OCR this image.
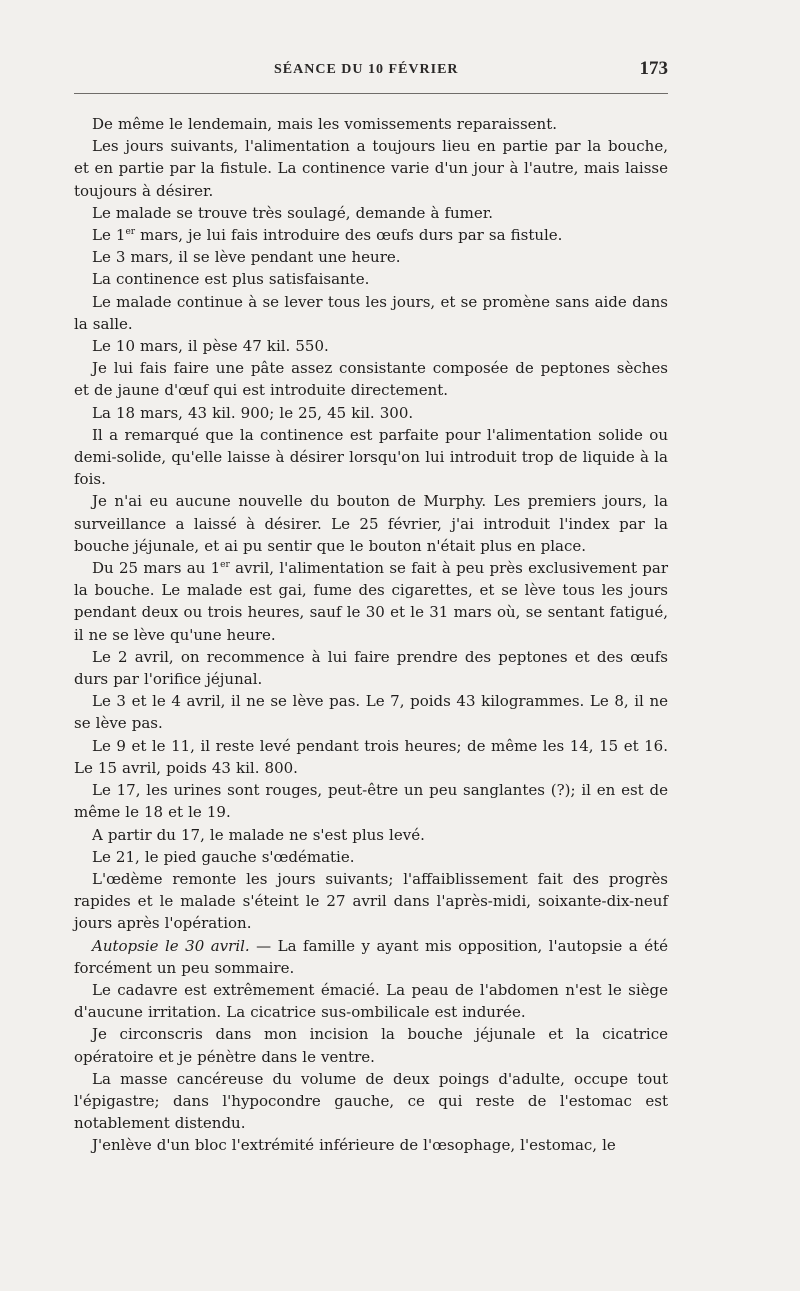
SÉANCE DU 10 FÉVRIER	173

De même le lendemain, mais les vomissements reparaissent.

Les jours suivants, l'alimentation a toujours lieu en partie par la bouche, et en partie par la fistule. La continence varie d'un jour à l'autre, mais laisse toujours à désirer.

Le malade se trouve très soulagé, demande à fumer.

Le 1er mars, je lui fais introduire des œufs durs par sa fistule.

Le 3 mars, il se lève pendant une heure.

La continence est plus satisfaisante.

Le malade continue à se lever tous les jours, et se promène sans aide dans la salle.

Le 10 mars, il pèse 47 kil. 550.

Je lui fais faire une pâte assez consistante composée de peptones sèches et de jaune d'œuf qui est introduite directement.

La 18 mars, 43 kil. 900; le 25, 45 kil. 300.

Il a remarqué que la continence est parfaite pour l'alimentation solide ou demi-solide, qu'elle laisse à désirer lorsqu'on lui introduit trop de liquide à la fois.

Je n'ai eu aucune nouvelle du bouton de Murphy. Les premiers jours, la surveillance a laissé à désirer. Le 25 février, j'ai introduit l'index par la bouche jéjunale, et ai pu sentir que le bouton n'était plus en place.

Du 25 mars au 1er avril, l'alimentation se fait à peu près exclusivement par la bouche. Le malade est gai, fume des cigarettes, et se lève tous les jours pendant deux ou trois heures, sauf le 30 et le 31 mars où, se sentant fatigué, il ne se lève qu'une heure.

Le 2 avril, on recommence à lui faire prendre des peptones et des œufs durs par l'orifice jéjunal.

Le 3 et le 4 avril, il ne se lève pas. Le 7, poids 43 kilogrammes. Le 8, il ne se lève pas.

Le 9 et le 11, il reste levé pendant trois heures; de même les 14, 15 et 16. Le 15 avril, poids 43 kil. 800.

Le 17, les urines sont rouges, peut-être un peu sanglantes (?); il en est de même le 18 et le 19.

A partir du 17, le malade ne s'est plus levé.

Le 21, le pied gauche s'œdématie.

L'œdème remonte les jours suivants; l'affaiblissement fait des progrès rapides et le malade s'éteint le 27 avril dans l'après-midi, soixante-dix-neuf jours après l'opération.

Autopsie le 30 avril. — La famille y ayant mis opposition, l'autopsie a été forcément un peu sommaire.

Le cadavre est extrêmement émacié. La peau de l'abdomen n'est le siège d'aucune irritation. La cicatrice sus-ombilicale est indurée.

Je circonscris dans mon incision la bouche jéjunale et la cicatrice opératoire et je pénètre dans le ventre.

La masse cancéreuse du volume de deux poings d'adulte, occupe tout l'épigastre; dans l'hypocondre gauche, ce qui reste de l'estomac est notablement distendu.

J'enlève d'un bloc l'extrémité inférieure de l'œsophage, l'estomac, le
